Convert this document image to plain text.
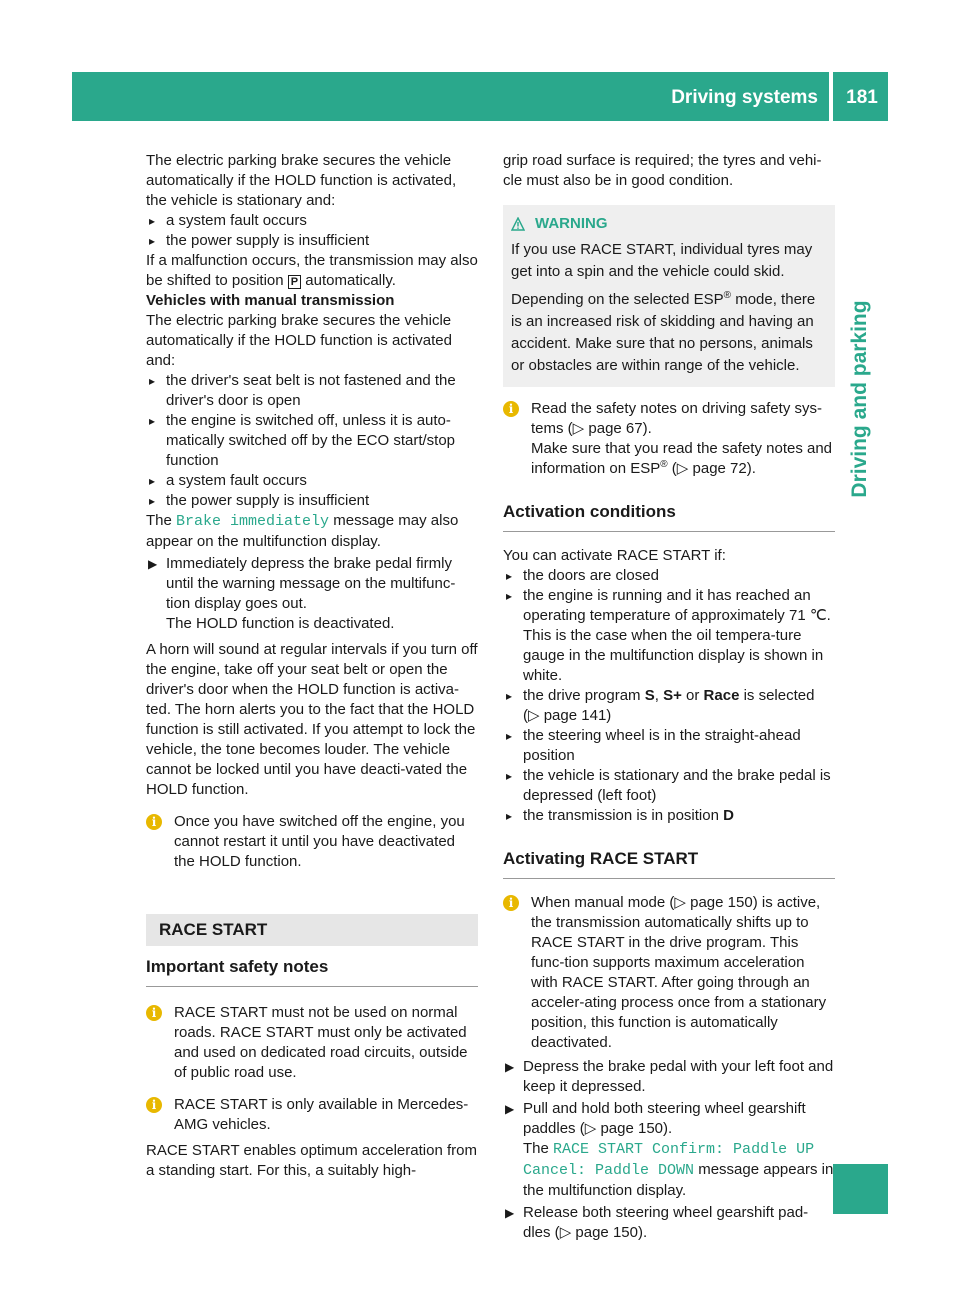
Driving systems	181
Driving and parking

The electric parking brake secures the vehicle automatically if the HOLD function is activated, the vehicle is stationary and:

▸ a system fault occurs
▸ the power supply is insufficient

If a malfunction occurs, the transmission may also be shifted to position P automatically.

Vehicles with manual transmission

The electric parking brake secures the vehicle automatically if the HOLD function is activated and:

▸ the driver's seat belt is not fastened and the driver's door is open
▸ the engine is switched off, unless it is auto-matically switched off by the ECO start/stop function
▸ a system fault occurs
▸ the power supply is insufficient

The Brake immediately message may also appear on the multifunction display.

▶ Immediately depress the brake pedal firmly until the warning message on the multifunc-tion display goes out.
The HOLD function is deactivated.

A horn will sound at regular intervals if you turn off the engine, take off your seat belt or open the driver's door when the HOLD function is activa-ted. The horn alerts you to the fact that the HOLD function is still activated. If you attempt to lock the vehicle, the tone becomes louder. The vehicle cannot be locked until you have deacti-vated the HOLD function.

i	Once you have switched off the engine, you cannot restart it until you have deactivated the HOLD function.
RACE START
Important safety notes
i	RACE START must not be used on normal roads. RACE START must only be activated and used on dedicated road circuits, outside of public road use.
i	RACE START is only available in Mercedes-AMG vehicles.

RACE START enables optimum acceleration from a standing start. For this, a suitably high-

grip road surface is required; the tyres and vehi-cle must also be in good condition.

WARNING

If you use RACE START, individual tyres may get into a spin and the vehicle could skid.

Depending on the selected ESP® mode, there is an increased risk of skidding and having an accident. Make sure that no persons, animals or obstacles are within range of the vehicle.

i	Read the safety notes on driving safety sys-tems (▷ page 67).
Make sure that you read the safety notes and information on ESP® (▷ page 72).
Activation conditions

You can activate RACE START if:

▸ the doors are closed
▸ the engine is running and it has reached an operating temperature of approximately 71 ℃. This is the case when the oil tempera-ture gauge in the multifunction display is shown in white.
▸ the drive program S, S+ or Race is selected
(▷ page 141)
▸ the steering wheel is in the straight-ahead position
▸ the vehicle is stationary and the brake pedal is depressed (left foot)
▸ the transmission is in position D
Activating RACE START
i	When manual mode (▷ page 150) is active, the transmission automatically shifts up to RACE START in the drive program. This func-tion supports maximum acceleration with RACE START. After going through an acceler-ating process once from a stationary position, this function is automatically deactivated.
▶ Depress the brake pedal with your left foot and keep it depressed.
▶ Pull and hold both steering wheel gearshift paddles (▷ page 150).
The RACE START Confirm: Paddle UP
Cancel: Paddle DOWN message appears in the multifunction display.
▶ Release both steering wheel gearshift pad-dles (▷ page 150).
